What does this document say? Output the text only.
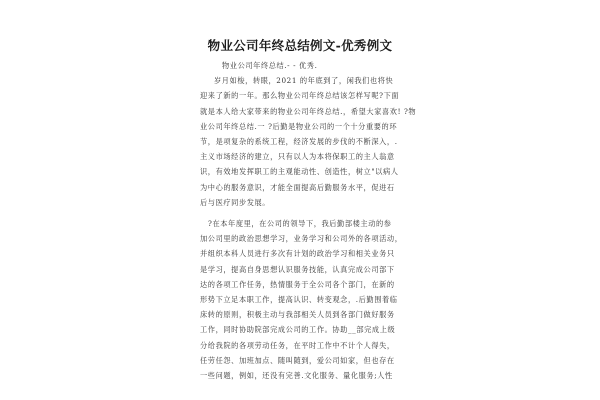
物业公司年终总结例文-优秀例文
物业公司年终总结.- - 优秀.
岁月如梭，转眼，2021 的年底到了，闲我们也将快
迎来了新的一年。那么物业公司年终总结该怎样写呢?下面
就是本人给大家带来的物业公司年终总结.，希望大家喜欢! ?物
业公司年终总结.一 ?后勤是物业公司的一个十分重要的环
节，是项复杂的系统工程，经济发展的步伐的不断深入，.
主义市场经济的建立，只有以人为本将保职工的主人翁意
识，有效地发挥职工的主观能动性、创造性，树立"以病人
为中心的服务意识，才能全面提高后勤服务水平，促进石
后与医疗同步发展。
?在本年度里，在公司的领导下，我后勤部楼主动的参
加公司里的政治思想学习，业务学习和公司外的各项活动，
并组织本科人员进行多次有计划的政治学习和相关业务只
是学习，提高自身思想认识服务技能，认真完成公司部下
达的各项工作任务，热情服务于全公司各个部门，在新的
形势下立足本职工作，提高认识、转变观念，.后勤围着临
床转的原则，积极主动与我部相关人员到各部门做好服务
工作，同时协助院部完成公司的工作。协助__部完成上级
分给我院的各项劳动任务，在平时工作中不计个人得失，
任劳任怨、加班加点、随叫随到，爱公司如家，但也存在
一些问题，例如，还没有完善.文化服务、量化服务;人性
